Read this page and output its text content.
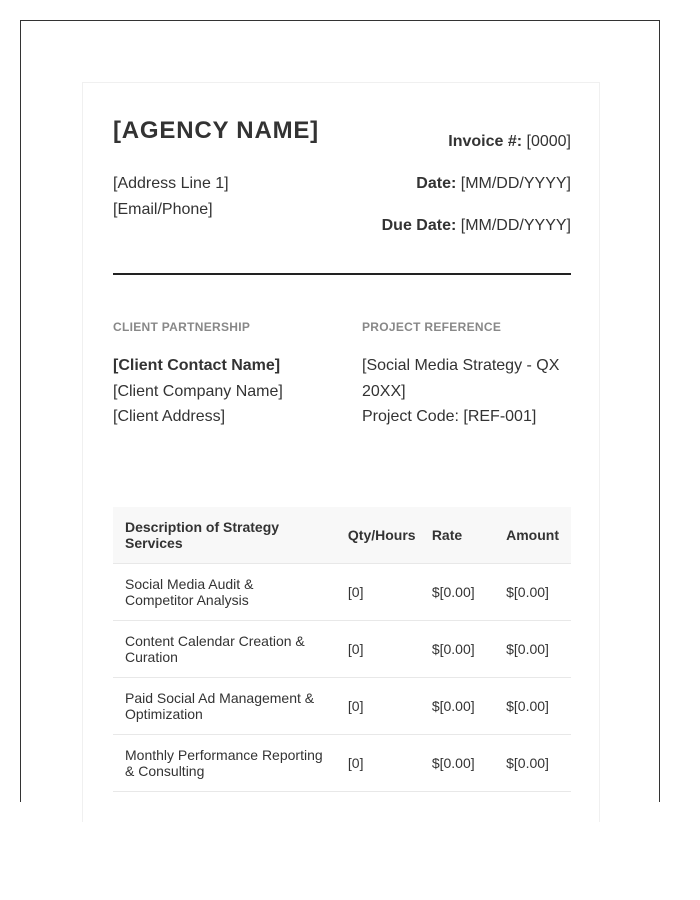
[AGENCY NAME]
[Address Line 1]
[Email/Phone]
Invoice #: [0000]
Date: [MM/DD/YYYY]
Due Date: [MM/DD/YYYY]
CLIENT PARTNERSHIP	PROJECT REFERENCE
[Client Contact Name]
[Client Company Name]
[Client Address]
[Social Media Strategy - QX 20XX]
Project Code: [REF-001]
Description of Strategy Services	Qty/Hours	Rate	Amount
Social Media Audit & Competitor Analysis	[0]	$[0.00]	$[0.00]
Content Calendar Creation & Curation	[0]	$[0.00]	$[0.00]
Paid Social Ad Management & Optimization	[0]	$[0.00]	$[0.00]
Monthly Performance Reporting & Consulting	[0]	$[0.00]	$[0.00]
